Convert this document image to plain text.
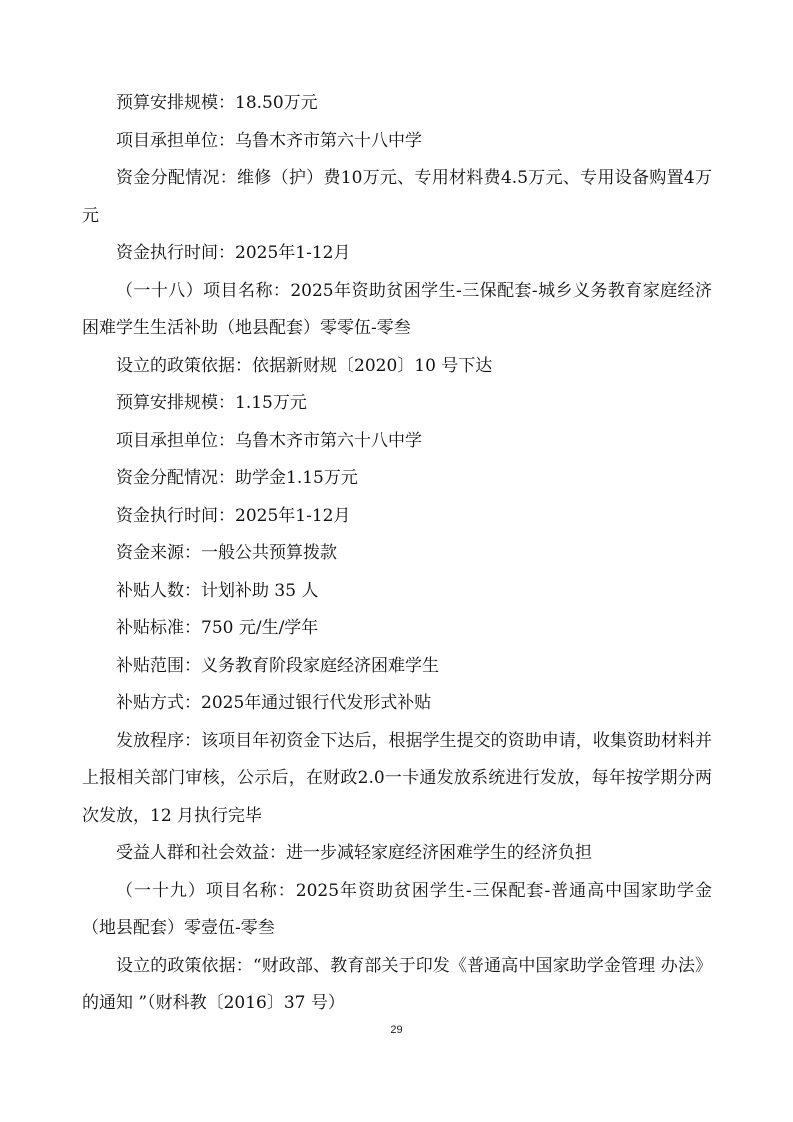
预算安排规模：18.50万元

项目承担单位：乌鲁木齐市第六十八中学

资金分配情况：维修（护）费10万元、专用材料费4.5万元、专用设备购置4万元

资金执行时间：2025年1-12月

（一十八）项目名称：2025年资助贫困学生-三保配套-城乡义务教育家庭经济困难学生生活补助（地县配套）零零伍-零叁

设立的政策依据：依据新财规〔2020〕10 号下达

预算安排规模：1.15万元

项目承担单位：乌鲁木齐市第六十八中学

资金分配情况：助学金1.15万元

资金执行时间：2025年1-12月

资金来源：一般公共预算拨款

补贴人数：计划补助 35 人

补贴标准：750 元/生/学年

补贴范围：义务教育阶段家庭经济困难学生

补贴方式：2025年通过银行代发形式补贴

发放程序：该项目年初资金下达后，根据学生提交的资助申请，收集资助材料并上报相关部门审核，公示后，在财政2.0一卡通发放系统进行发放，每年按学期分两次发放，12 月执行完毕

受益人群和社会效益：进一步减轻家庭经济困难学生的经济负担

（一十九）项目名称：2025年资助贫困学生-三保配套-普通高中国家助学金（地县配套）零壹伍-零叁

设立的政策依据：“财政部、教育部关于印发《普通高中国家助学金管理 办法》的通知 ”（财科教〔2016〕37 号）

29
